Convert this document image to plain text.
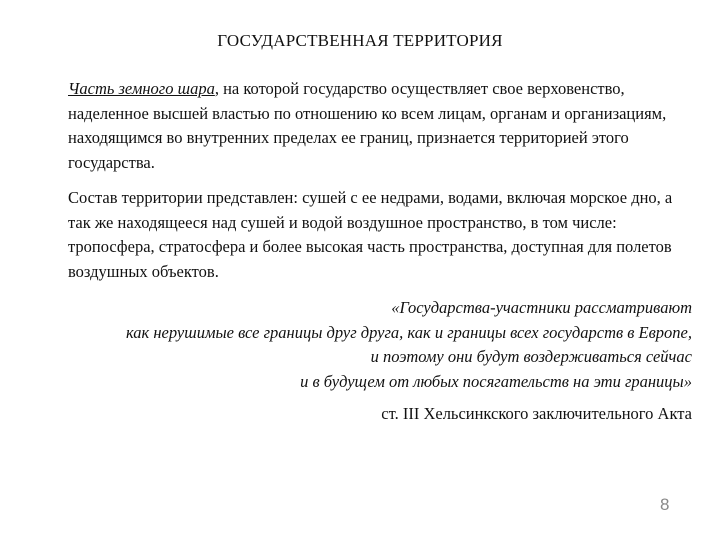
ГОСУДАРСТВЕННАЯ ТЕРРИТОРИЯ
Часть земного шара, на которой государство осуществляет свое верховенство, наделенное высшей властью по отношению ко всем лицам, органам и организациям, находящимся во внутренних пределах ее границ, признается территорией этого государства.
Состав территории представлен: сушей с ее недрами, водами, включая морское дно, а так же находящееся над сушей и водой воздушное пространство, в том числе: тропосфера, стратосфера и более высокая часть пространства, доступная для полетов воздушных объектов.
«Государства-участники рассматривают
как нерушимые все границы друг друга, как и границы всех государств в Европе,
и поэтому они будут воздерживаться сейчас
и в будущем от любых посягательств на эти границы»
ст. III Хельсинкского заключительного Акта
8
